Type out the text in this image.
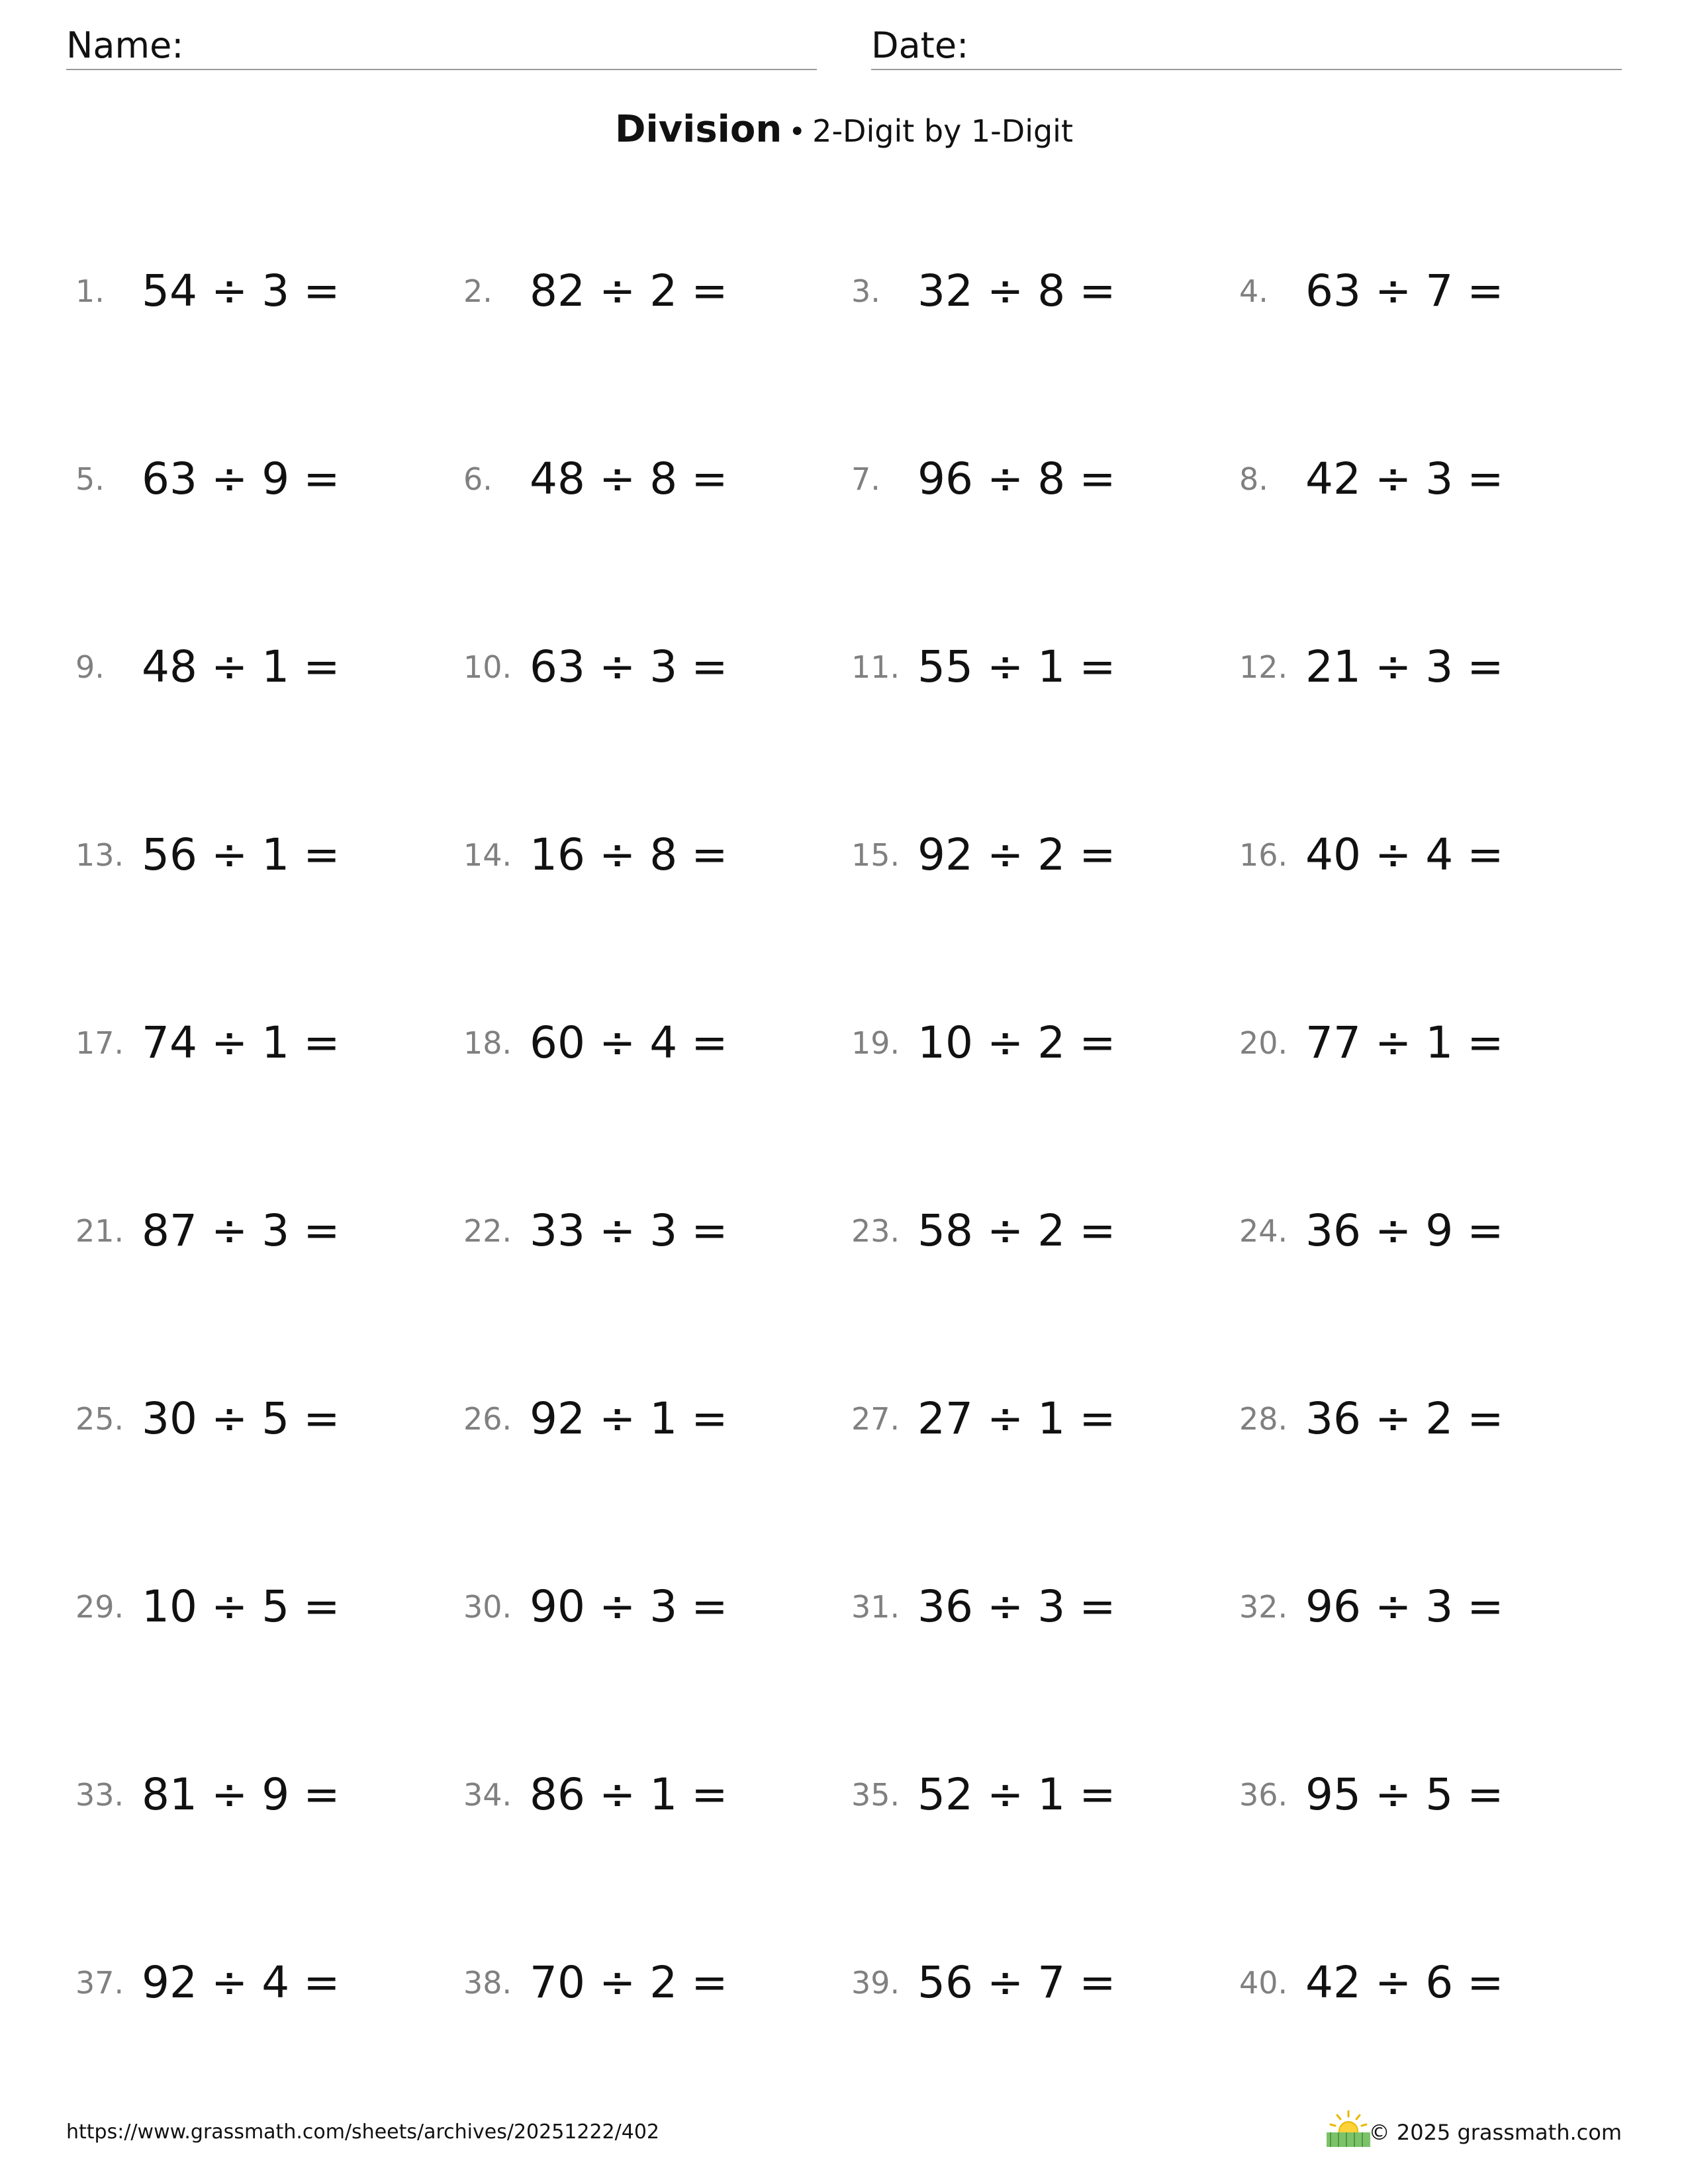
Name:	Date:
Division • 2-Digit by 1-Digit
1. 54 ÷ 3 =	2. 82 ÷ 2 =	3. 32 ÷ 8 =	4. 63 ÷ 7 =
5. 63 ÷ 9 =	6. 48 ÷ 8 =	7. 96 ÷ 8 =	8. 42 ÷ 3 =
9. 48 ÷ 1 =	10. 63 ÷ 3 =	11. 55 ÷ 1 =	12. 21 ÷ 3 =
13. 56 ÷ 1 =	14. 16 ÷ 8 =	15. 92 ÷ 2 =	16. 40 ÷ 4 =
17. 74 ÷ 1 =	18. 60 ÷ 4 =	19. 10 ÷ 2 =	20. 77 ÷ 1 =
21. 87 ÷ 3 =	22. 33 ÷ 3 =	23. 58 ÷ 2 =	24. 36 ÷ 9 =
25. 30 ÷ 5 =	26. 92 ÷ 1 =	27. 27 ÷ 1 =	28. 36 ÷ 2 =
29. 10 ÷ 5 =	30. 90 ÷ 3 =	31. 36 ÷ 3 =	32. 96 ÷ 3 =
33. 81 ÷ 9 =	34. 86 ÷ 1 =	35. 52 ÷ 1 =	36. 95 ÷ 5 =
37. 92 ÷ 4 =	38. 70 ÷ 2 =	39. 56 ÷ 7 =	40. 42 ÷ 6 =
https://www.grassmath.com/sheets/archives/20251222/402	© 2025 grassmath.com
